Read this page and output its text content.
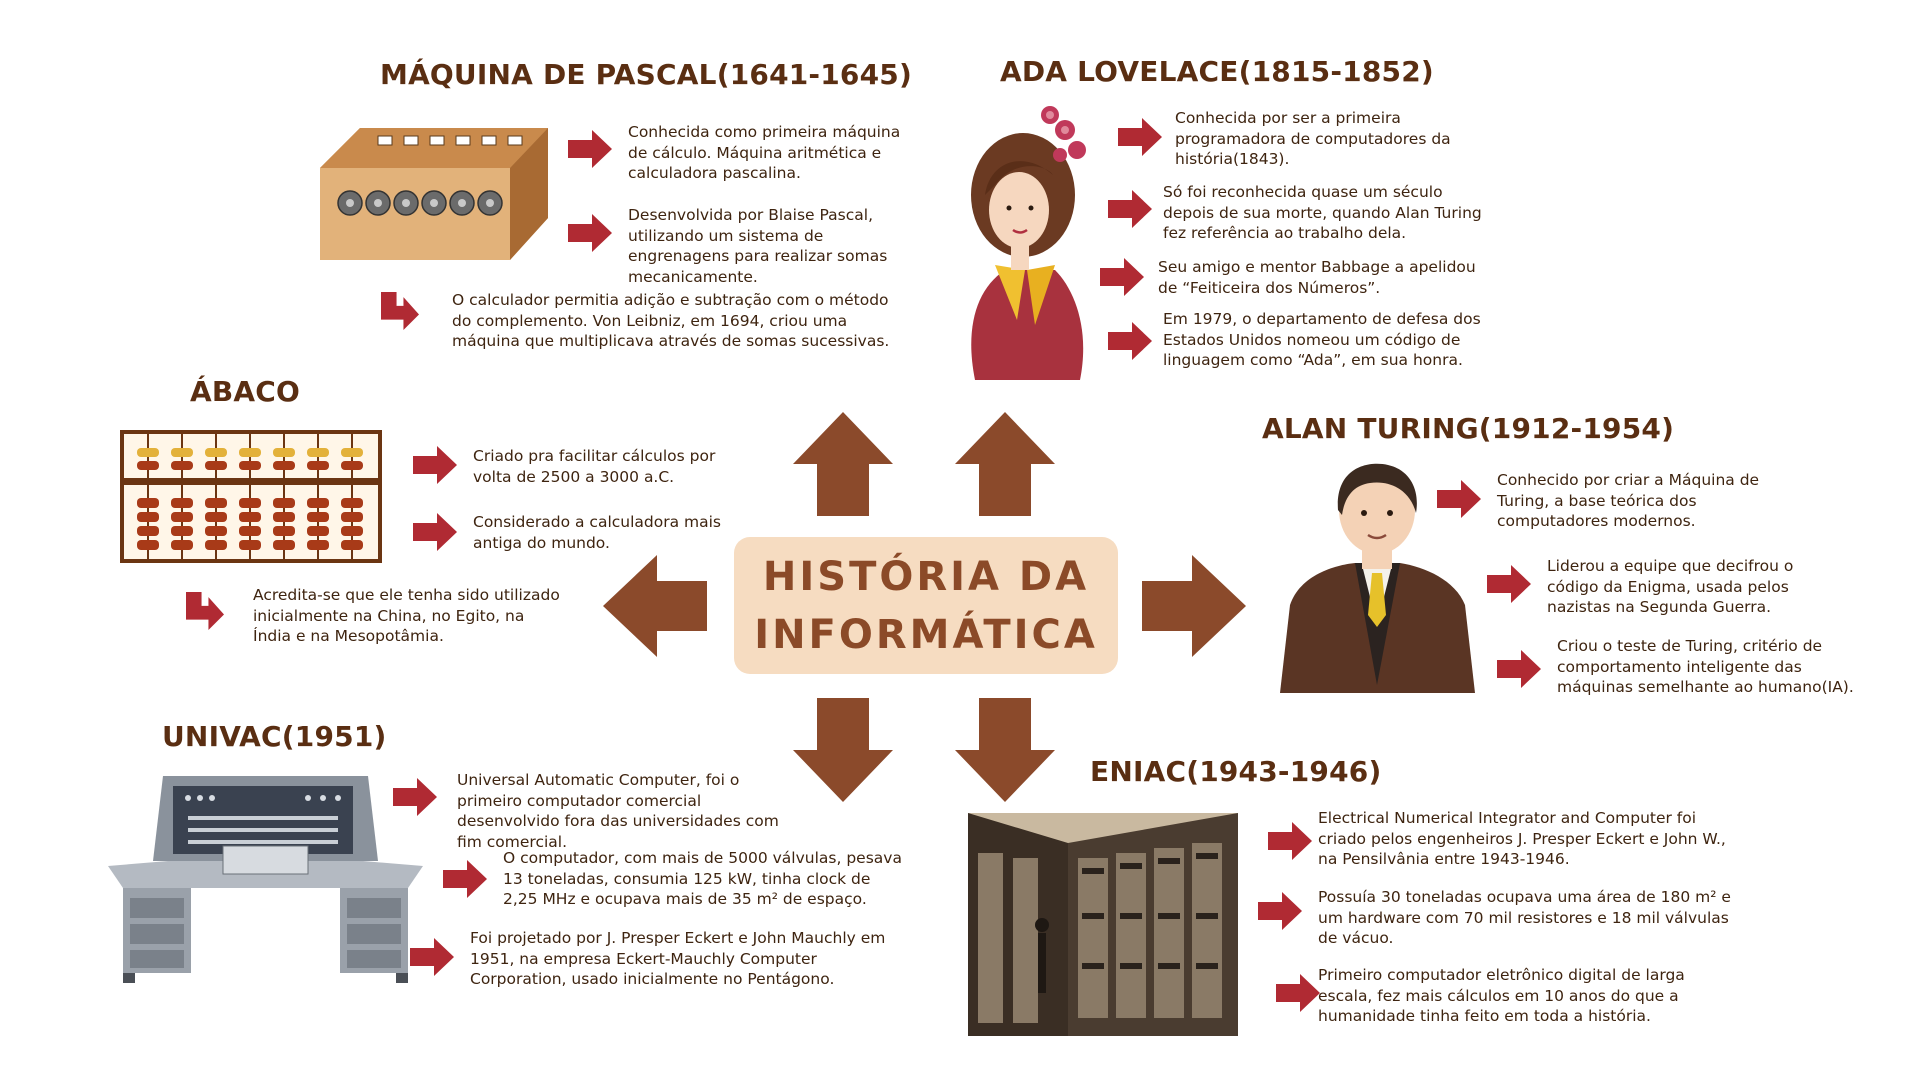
HISTÓRIA DA
INFORMÁTICA
MÁQUINA DE PASCAL(1641-1645)
Conhecida como primeira máquina de cálculo. Máquina aritmética e calculadora pascalina.
Desenvolvida por Blaise Pascal, utilizando um sistema de engrenagens para realizar somas mecanicamente.
O calculador permitia adição e subtração com o método do complemento. Von Leibniz, em 1694, criou uma máquina que multiplicava através de somas sucessivas.
ADA LOVELACE(1815-1852)
Conhecida por ser a primeira programadora de computadores da história(1843).
Só foi reconhecida quase um século depois de sua morte, quando Alan Turing fez referência ao trabalho dela.
Seu amigo e mentor Babbage a apelidou de “Feiticeira dos Números”.
Em 1979, o departamento de defesa dos Estados Unidos nomeou um código de linguagem como “Ada”, em sua honra.
ÁBACO
Criado pra facilitar cálculos por volta de 2500 a 3000 a.C.
Considerado a calculadora mais antiga do mundo.
Acredita-se que ele tenha sido utilizado inicialmente na China, no Egito, na Índia e na Mesopotâmia.
ALAN TURING(1912-1954)
Conhecido por criar a Máquina de Turing, a base teórica dos computadores modernos.
Liderou a equipe que decifrou o código da Enigma, usada pelos nazistas na Segunda Guerra.
Criou o teste de Turing, critério de comportamento inteligente das máquinas semelhante ao humano(IA).
UNIVAC(1951)
Universal Automatic Computer, foi o primeiro computador comercial desenvolvido fora das universidades com fim comercial.
O computador, com mais de 5000 válvulas, pesava 13 toneladas, consumia 125 kW, tinha clock de 2,25 MHz e ocupava mais de 35 m² de espaço.
Foi projetado por J. Presper Eckert e John Mauchly em 1951, na empresa Eckert-Mauchly Computer Corporation, usado inicialmente no Pentágono.
ENIAC(1943-1946)
Electrical Numerical Integrator and Computer foi criado pelos engenheiros J. Presper Eckert e John W., na Pensilvânia entre 1943-1946.
Possuía 30 toneladas ocupava uma área de 180 m² e um hardware com 70 mil resistores e 18 mil válvulas de vácuo.
Primeiro computador eletrônico digital de larga escala, fez mais cálculos em 10 anos do que a humanidade tinha feito em toda a história.
